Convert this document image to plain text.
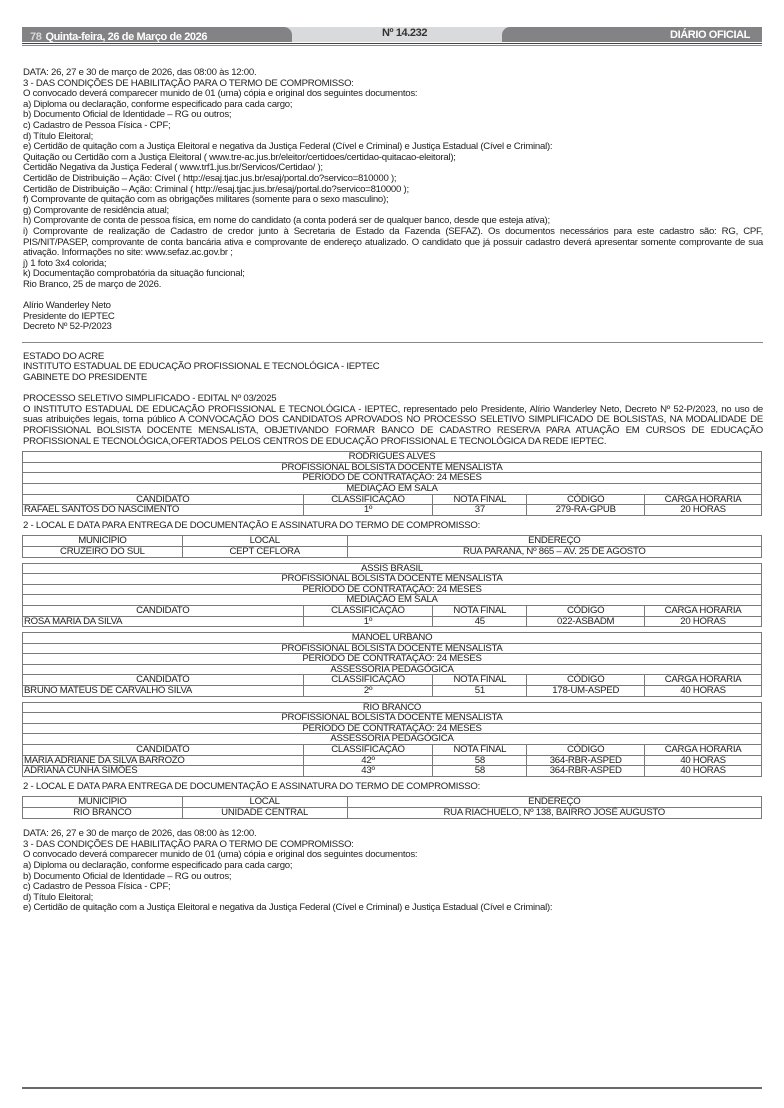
Nº 14.232
78 Quinta-feira, 26 de Março de 2026	DIÁRIO OFICIAL

DATA: 26, 27 e 30 de março de 2026, das 08:00 às 12:00.

3 - DAS CONDIÇÕES DE HABILITAÇÃO PARA O TERMO DE COMPROMISSO:

O convocado deverá comparecer munido de 01 (uma) cópia e original dos seguintes documentos:

a) Diploma ou declaração, conforme especificado para cada cargo;

b) Documento Oficial de Identidade – RG ou outros;

c) Cadastro de Pessoa Física - CPF;

d) Título Eleitoral;

e) Certidão de quitação com a Justiça Eleitoral e negativa da Justiça Federal (Cível e Criminal) e Justiça Estadual (Cível e Criminal):

Quitação ou Certidão com a Justiça Eleitoral ( www.tre-ac.jus.br/eleitor/certidoes/certidao-quitacao-eleitoral);

Certidão Negativa da Justiça Federal ( www.trf1.jus.br/Servicos/Certidao/ );

Certidão de Distribuição – Ação: Cível ( http://esaj.tjac.jus.br/esaj/portal.do?servico=810000 );

Certidão de Distribuição – Ação: Criminal ( http://esaj.tjac.jus.br/esaj/portal.do?servico=810000 );

f) Comprovante de quitação com as obrigações militares (somente para o sexo masculino);

g) Comprovante de residência atual;

h) Comprovante de conta de pessoa física, em nome do candidato (a conta poderá ser de qualquer banco, desde que esteja ativa);

i) Comprovante de realização de Cadastro de credor junto à Secretaria de Estado da Fazenda (SEFAZ). Os documentos necessários para este cadastro são: RG, CPF, PIS/NIT/PASEP, comprovante de conta bancária ativa e comprovante de endereço atualizado. O candidato que já possuir cadastro deverá apresentar somente comprovante de sua ativação. Informações no site: www.sefaz.ac.gov.br ;

j) 1 foto 3x4 colorida;

k) Documentação comprobatória da situação funcional;

Rio Branco, 25 de março de 2026.

Alírio Wanderley Neto

Presidente do IEPTEC

Decreto Nº 52-P/2023

ESTADO DO ACRE

INSTITUTO ESTADUAL DE EDUCAÇÃO PROFISSIONAL E TECNOLÓGICA - IEPTEC

GABINETE DO PRESIDENTE

PROCESSO SELETIVO SIMPLIFICADO - EDITAL Nº 03/2025

O INSTITUTO ESTADUAL DE EDUCAÇÃO PROFISSIONAL E TECNOLÓGICA - IEPTEC, representado pelo Presidente, Alírio Wanderley Neto, Decreto Nº 52-P/2023, no uso de suas atribuições legais, torna público A CONVOCAÇÃO DOS CANDIDATOS APROVADOS NO PROCESSO SELETIVO SIMPLIFICADO DE BOLSISTAS, NA MODALIDADE DE PROFISSIONAL BOLSISTA DOCENTE MENSALISTA, OBJETIVANDO FORMAR BANCO DE CADASTRO RESERVA PARA ATUAÇÃO EM CURSOS DE EDUCAÇÃO PROFISSIONAL E TECNOLÓGICA,OFERTADOS PELOS CENTROS DE EDUCAÇÃO PROFISSIONAL E TECNOLÓGICA DA REDE IEPTEC.

RODRIGUES ALVES				
PROFISSIONAL BOLSISTA DOCENTE MENSALISTA				
PERÍODO DE CONTRATAÇÃO: 24 MESES				
MEDIAÇÃO EM SALA				
CANDIDATO	CLASSIFICAÇÃO	NOTA FINAL	CÓDIGO	CARGA HORARIA
RAFAEL SANTOS DO NASCIMENTO	1º	37	279-RA-GPUB	20 HORAS

2 - LOCAL E DATA PARA ENTREGA DE DOCUMENTAÇÃO E ASSINATURA DO TERMO DE COMPROMISSO:

MUNICÍPIO	LOCAL	ENDEREÇO
CRUZEIRO DO SUL	CEPT CEFLORA	RUA PARANÁ, Nº 865 – AV. 25 DE AGOSTO
ASSIS BRASIL				
PROFISSIONAL BOLSISTA DOCENTE MENSALISTA				
PERÍODO DE CONTRATAÇÃO: 24 MESES				
MEDIAÇÃO EM SALA				
CANDIDATO	CLASSIFICAÇÃO	NOTA FINAL	CÓDIGO	CARGA HORARIA
ROSA MARIA DA SILVA	1º	45	022-ASBADM	20 HORAS
MANOEL URBANO				
PROFISSIONAL BOLSISTA DOCENTE MENSALISTA				
PERÍODO DE CONTRATAÇÃO: 24 MESES				
ASSESSORIA PEDAGÓGICA				
CANDIDATO	CLASSIFICAÇÃO	NOTA FINAL	CÓDIGO	CARGA HORARIA
BRUNO MATEUS DE CARVALHO SILVA	2º	51	178-UM-ASPED	40 HORAS
RIO BRANCO				
PROFISSIONAL BOLSISTA DOCENTE MENSALISTA				
PERÍODO DE CONTRATAÇÃO: 24 MESES				
ASSESSORIA PEDAGÓGICA				
CANDIDATO	CLASSIFICAÇÃO	NOTA FINAL	CÓDIGO	CARGA HORARIA
MARIA ADRIANE DA SILVA BARROZO	42º	58	364-RBR-ASPED	40 HORAS
ADRIANA CUNHA SIMÕES	43º	58	364-RBR-ASPED	40 HORAS

2 - LOCAL E DATA PARA ENTREGA DE DOCUMENTAÇÃO E ASSINATURA DO TERMO DE COMPROMISSO:

MUNICÍPIO	LOCAL	ENDEREÇO
RIO BRANCO	UNIDADE CENTRAL	RUA RIACHUELO, Nº 138, BAIRRO JOSÉ AUGUSTO

DATA: 26, 27 e 30 de março de 2026, das 08:00 às 12:00.

3 - DAS CONDIÇÕES DE HABILITAÇÃO PARA O TERMO DE COMPROMISSO:

O convocado deverá comparecer munido de 01 (uma) cópia e original dos seguintes documentos:

a) Diploma ou declaração, conforme especificado para cada cargo;

b) Documento Oficial de Identidade – RG ou outros;

c) Cadastro de Pessoa Física - CPF;

d) Título Eleitoral;

e) Certidão de quitação com a Justiça Eleitoral e negativa da Justiça Federal (Cível e Criminal) e Justiça Estadual (Cível e Criminal):
